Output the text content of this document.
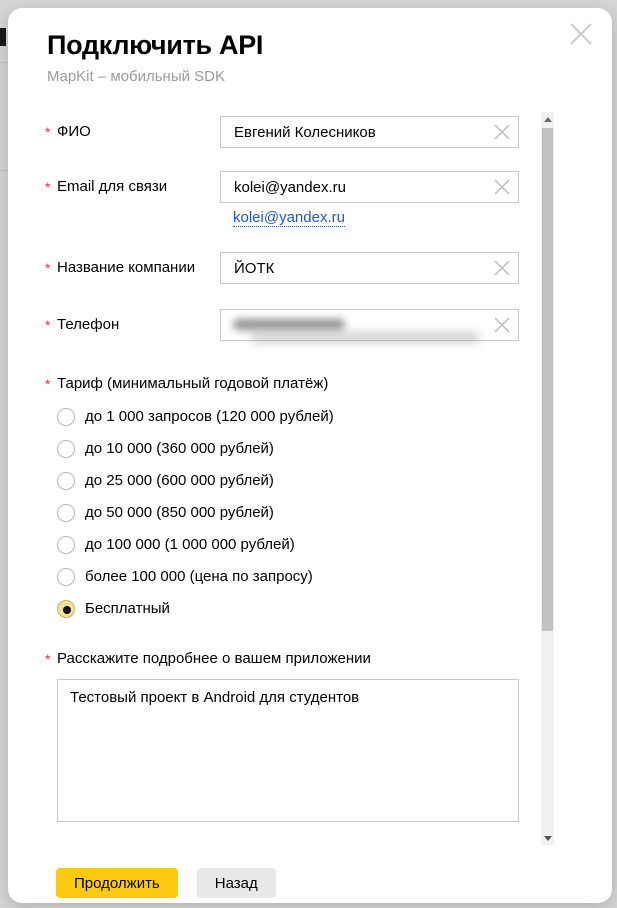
Подключить API
MapKit – мобильный SDK
* ФИО
Евгений Колесников
* Email для связи
kolei@yandex.ru
kolei@yandex.ru
* Название компании
ЙОТК
* Телефон
* Тариф (минимальный годовой платёж)
до 1 000 запросов (120 000 рублей)
до 10 000 (360 000 рублей)
до 25 000 (600 000 рублей)
до 50 000 (850 000 рублей)
до 100 000 (1 000 000 рублей)
более 100 000 (цена по запросу)
Бесплатный
* Расскажите подробнее о вашем приложении
Тестовый проект в Android для студентов
Продолжить	Назад
